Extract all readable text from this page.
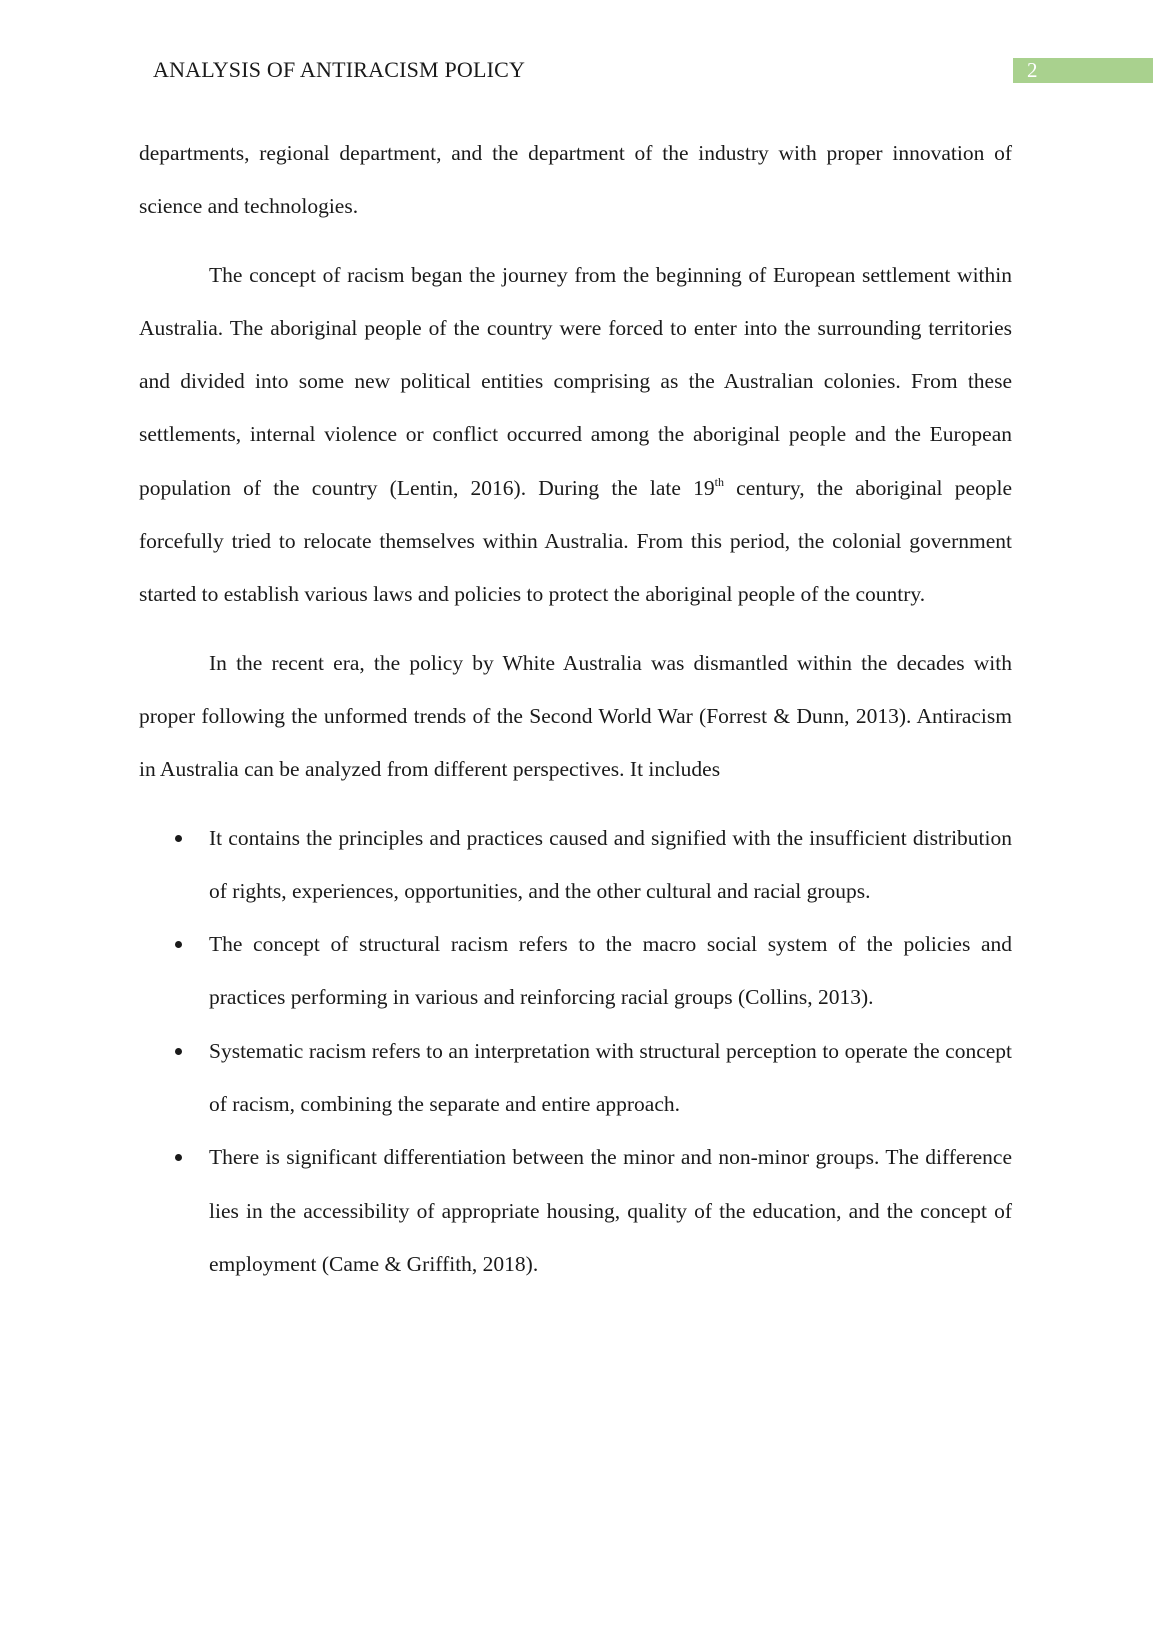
ANALYSIS OF ANTIRACISM POLICY	2

departments, regional department, and the department of the industry with proper innovation of science and technologies.

The concept of racism began the journey from the beginning of European settlement within Australia. The aboriginal people of the country were forced to enter into the surrounding territories and divided into some new political entities comprising as the Australian colonies. From these settlements, internal violence or conflict occurred among the aboriginal people and the European population of the country (Lentin, 2016). During the late 19th century, the aboriginal people forcefully tried to relocate themselves within Australia. From this period, the colonial government started to establish various laws and policies to protect the aboriginal people of the country.

In the recent era, the policy by White Australia was dismantled within the decades with proper following the unformed trends of the Second World War (Forrest & Dunn, 2013). Antiracism in Australia can be analyzed from different perspectives. It includes

It contains the principles and practices caused and signified with the insufficient distribution of rights, experiences, opportunities, and the other cultural and racial groups.
The concept of structural racism refers to the macro social system of the policies and practices performing in various and reinforcing racial groups (Collins, 2013).
Systematic racism refers to an interpretation with structural perception to operate the concept of racism, combining the separate and entire approach.
There is significant differentiation between the minor and non-minor groups. The difference lies in the accessibility of appropriate housing, quality of the education, and the concept of employment (Came & Griffith, 2018).
